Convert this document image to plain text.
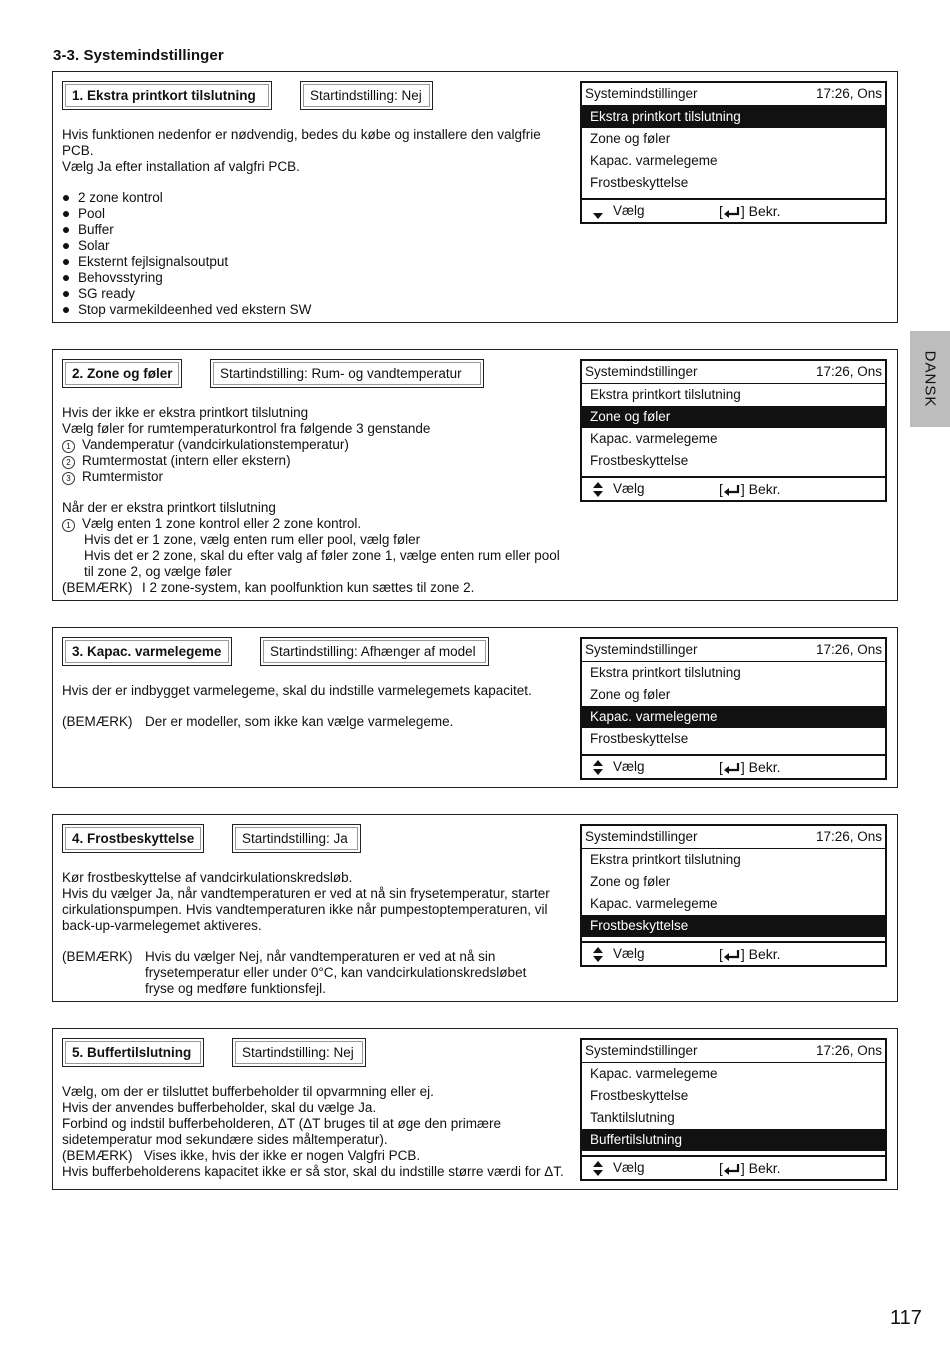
3-3. Systemindstillinger
DANSK
117
1. Ekstra printkort tilslutning	Startindstilling: Nej
Hvis funktionen nedenfor er nødvendig, bedes du købe og installere den valgfrie
PCB.
Vælg Ja efter installation af valgfri PCB.
2 zone kontrol
Pool
Buffer
Solar
Eksternt fejlsignalsoutput
Behovsstyring
SG ready
Stop varmekildeenhed ved ekstern SW
Systemindstillinger	17:26, Ons
Ekstra printkort tilslutning
Zone og føler
Kapac. varmelegeme
Frostbeskyttelse
Vælg	[ ] Bekr.
2. Zone og føler	Startindstilling: Rum- og vandtemperatur
Hvis der ikke er ekstra printkort tilslutning
Vælg føler for rumtemperaturkontrol fra følgende 3 genstande
1 Vandemperatur (vandcirkulationstemperatur)
2 Rumtermostat (intern eller ekstern)
3 Rumtermistor
Når der er ekstra printkort tilslutning
1 Vælg enten 1 zone kontrol eller 2 zone kontrol.
Hvis det er 1 zone, vælg enten rum eller pool, vælg føler
Hvis det er 2 zone, skal du efter valg af føler zone 1, vælge enten rum eller pool
til zone 2, og vælge føler
(BEMÆRK) I 2 zone-system, kan poolfunktion kun sættes til zone 2.
Systemindstillinger	17:26, Ons
Ekstra printkort tilslutning
Zone og føler
Kapac. varmelegeme
Frostbeskyttelse
Vælg	[ ] Bekr.
3. Kapac. varmelegeme	Startindstilling: Afhænger af model
Hvis der er indbygget varmelegeme, skal du indstille varmelegemets kapacitet.
(BEMÆRK) Der er modeller, som ikke kan vælge varmelegeme.
Systemindstillinger	17:26, Ons
Ekstra printkort tilslutning
Zone og føler
Kapac. varmelegeme
Frostbeskyttelse
Vælg	[ ] Bekr.
4. Frostbeskyttelse	Startindstilling: Ja
Kør frostbeskyttelse af vandcirkulationskredsløb.
Hvis du vælger Ja, når vandtemperaturen er ved at nå sin frysetemperatur, starter
cirkulationspumpen. Hvis vandtemperaturen ikke når pumpestoptemperaturen, vil
back-up-varmelegemet aktiveres.
(BEMÆRK) Hvis du vælger Nej, når vandtemperaturen er ved at nå sin
frysetemperatur eller under 0°C, kan vandcirkulationskredsløbet
fryse og medføre funktionsfejl.
Systemindstillinger	17:26, Ons
Ekstra printkort tilslutning
Zone og føler
Kapac. varmelegeme
Frostbeskyttelse
Vælg	[ ] Bekr.
5. Buffertilslutning	Startindstilling: Nej
Vælg, om der er tilsluttet bufferbeholder til opvarmning eller ej.
Hvis der anvendes bufferbeholder, skal du vælge Ja.
Forbind og indstil bufferbeholderen, ΔT (ΔT bruges til at øge den primære
sidetemperatur mod sekundære sides måltemperatur).
(BEMÆRK)   Vises ikke, hvis der ikke er nogen Valgfri PCB.
Hvis bufferbeholderens kapacitet ikke er så stor, skal du indstille større værdi for ΔT.
Systemindstillinger	17:26, Ons
Kapac. varmelegeme
Frostbeskyttelse
Tanktilslutning
Buffertilslutning
Vælg	[ ] Bekr.
